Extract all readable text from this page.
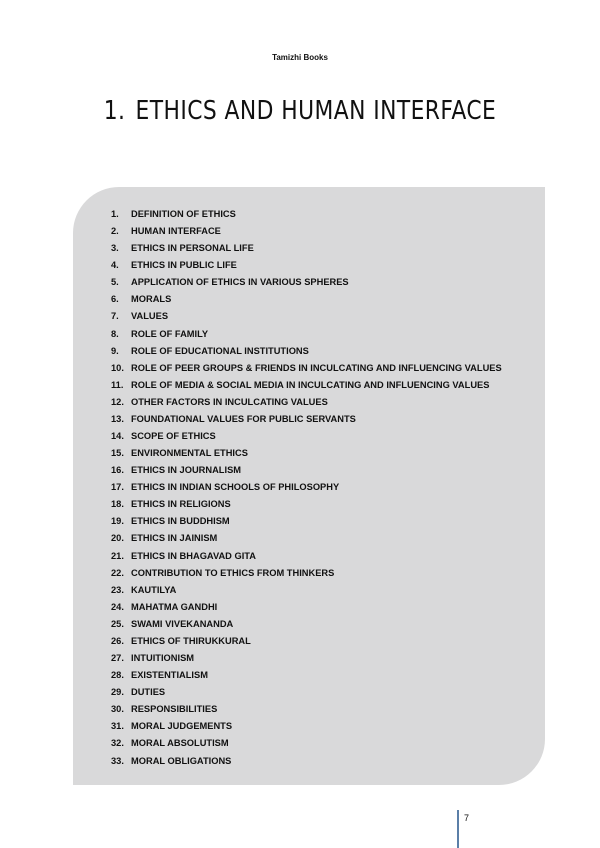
Tamizhi Books
1. ETHICS AND HUMAN INTERFACE
1.	DEFINITION OF ETHICS
2.	HUMAN INTERFACE
3.	ETHICS IN PERSONAL LIFE
4.	ETHICS IN PUBLIC LIFE
5.	APPLICATION OF ETHICS IN VARIOUS SPHERES
6.	MORALS
7.	VALUES
8.	ROLE OF FAMILY
9.	ROLE OF EDUCATIONAL INSTITUTIONS
10. ROLE OF PEER GROUPS & FRIENDS IN INCULCATING AND INFLUENCING VALUES
11. ROLE OF MEDIA & SOCIAL MEDIA IN INCULCATING AND INFLUENCING VALUES
12. OTHER FACTORS IN INCULCATING VALUES
13. FOUNDATIONAL VALUES FOR PUBLIC SERVANTS
14. SCOPE OF ETHICS
15. ENVIRONMENTAL ETHICS
16. ETHICS IN JOURNALISM
17. ETHICS IN INDIAN SCHOOLS OF PHILOSOPHY
18. ETHICS IN RELIGIONS
19. ETHICS IN BUDDHISM
20. ETHICS IN JAINISM
21. ETHICS IN BHAGAVAD GITA
22. CONTRIBUTION TO ETHICS FROM THINKERS
23. KAUTILYA
24. MAHATMA GANDHI
25. SWAMI VIVEKANANDA
26. ETHICS OF THIRUKKURAL
27. INTUITIONISM
28. EXISTENTIALISM
29. DUTIES
30. RESPONSIBILITIES
31. MORAL JUDGEMENTS
32. MORAL ABSOLUTISM
33. MORAL OBLIGATIONS
7
